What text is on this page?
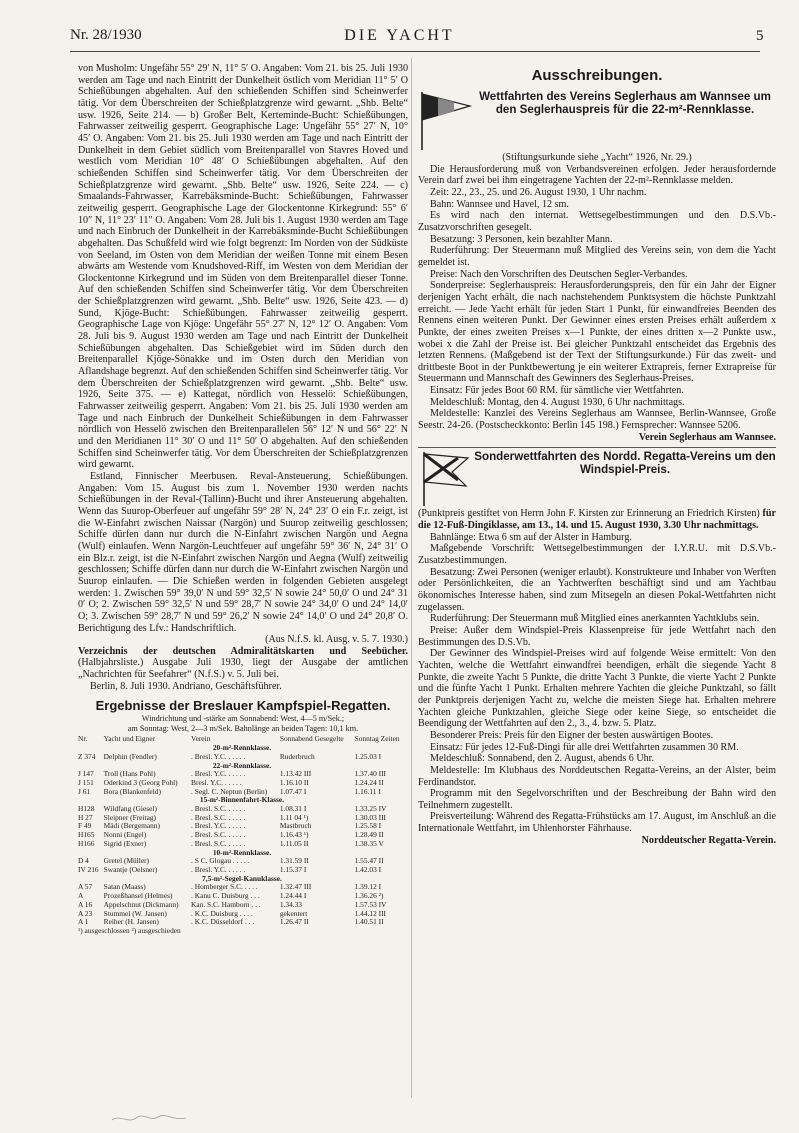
Nr. 28/1930	DIE YACHT	5

von Musholm: Ungefähr 55° 29′ N, 11° 5′ O. Angaben: Vom 21. bis 25. Juli 1930 werden am Tage und nach Eintritt der Dunkelheit östlich vom Meridian 11° 5′ O Schießübungen abgehalten. Auf den schießenden Schiffen sind Scheinwerfer tätig. Vor dem Überschreiten der Schießplatzgrenze wird gewarnt. „Shb. Belte“ usw. 1926, Seite 214. — b) Großer Belt, Kerteminde-Bucht: Schießübungen, Fahrwasser zeitweilig gesperrt. Geographische Lage: Ungefähr 55° 27′ N, 10° 45′ O. Angaben: Vom 21. bis 25. Juli 1930 werden am Tage und nach Eintritt der Dunkelheit in dem Gebiet südlich vom Breitenparallel von Stavres Hoved und westlich vom Meridian 10° 48′ O Schießübungen abgehalten. Auf den schießenden Schiffen sind Scheinwerfer tätig. Vor dem Überschreiten der Schießplatzgrenze wird gewarnt. „Shb. Belte“ usw. 1926, Seite 224. — c) Smaalands-Fahrwasser, Karrebäksminde-Bucht: Schießübungen, Fahrwasser zeitweilig gesperrt. Geographische Lage der Glockentonne Kirkegrund: 55° 6′ 10″ N, 11° 23′ 11″ O. Angaben: Vom 28. Juli bis 1. August 1930 werden am Tage und nach Einbruch der Dunkelheit in der Karrebäksminde-Bucht Schießübungen abgehalten. Das Schußfeld wird wie folgt begrenzt: Im Norden von der Südküste von Seeland, im Osten von dem Meridian der weißen Tonne mit einem Besen abwärts am Westende vom Knudshoved-Riff, im Westen von dem Meridian der Glockentonne Kirkegrund und im Süden von dem Breitenparallel dieser Tonne. Auf den schießenden Schiffen sind Scheinwerfer tätig. Vor dem Überschreiten der Schießplatzgrenzen wird gewarnt. „Shb. Belte“ usw. 1926, Seite 423. — d) Sund, Kjöge-Bucht: Schießübungen. Fahrwasser zeitweilig gesperrt. Geographische Lage von Kjöge: Ungefähr 55° 27′ N, 12° 12′ O. Angaben: Vom 28. Juli bis 9. August 1930 werden am Tage und nach Eintritt der Dunkelheit Schießübungen abgehalten. Das Schießgebiet wird im Süden durch den Breitenparallel Kjöge-Sönakke und im Osten durch den Meridian von Aflandshage begrenzt. Auf den schießenden Schiffen sind Scheinwerfer tätig. Vor dem Überschreiten der Schießplatzgrenzen wird gewarnt. „Shb. Belte“ usw. 1926, Seite 375. — e) Kattegat, nördlich von Hesselö: Schießübungen, Fahrwasser zeitweilig gesperrt. Angaben: Vom 21. bis 25. Juli 1930 werden am Tage und nach Einbruch der Dunkelheit Schießübungen in dem Fahrwasser nördlich von Hesselö zwischen den Breitenparallelen 56° 12′ N und 56° 22′ N und den Meridianen 11° 30′ O und 11° 50′ O abgehalten. Auf den schießenden Schiffen sind Scheinwerfer tätig. Vor dem Überschreiten der Schießplatzgrenzen wird gewarnt.

Estland, Finnischer Meerbusen. Reval-Ansteuerung, Schießübungen. Angaben: Vom 15. August bis zum 1. November 1930 werden nachts Schießübungen in der Reval-(Tallinn)-Bucht und ihrer Ansteuerung abgehalten. Wenn das Suurop-Oberfeuer auf ungefähr 59° 28′ N, 24° 23′ O ein F.r. zeigt, ist die W-Einfahrt zwischen Naissar (Nargön) und Suurop zeitweilig geschlossen; Schiffe dürfen dann nur durch die N-Einfahrt zwischen Nargön und Aegna (Wulf) einlaufen. Wenn Nargön-Leuchtfeuer auf ungefähr 59° 36′ N, 24° 31′ O ein Blz.r. zeigt, ist die N-Einfahrt zwischen Nargön und Aegna (Wulf) zeitweilig geschlossen; Schiffe dürfen dann nur durch die W-Einfahrt zwischen Nargön und Suurop einlaufen. — Die Schießen werden in folgenden Gebieten ausgelegt werden: 1. Zwischen 59° 39,0′ N und 59° 32,5′ N sowie 24° 50,0′ O und 24° 31 0′ O; 2. Zwischen 59° 32,5′ N und 59° 28,7′ N sowie 24° 34,0′ O und 24° 14,0′ O; 3. Zwischen 59° 28,7′ N und 59° 26,2′ N sowie 24° 14,0′ O und 24° 20,8′ O. Berichtigung des Lfv.: Handschriftlich.

(Aus N.f.S. kl. Ausg. v. 5. 7. 1930.)

Verzeichnis der deutschen Admiralitätskarten und Seebücher. (Halbjahrsliste.) Ausgabe Juli 1930, liegt der Ausgabe der amtlichen „Nachrichten für Seefahrer“ (N.f.S.) v. 5. Juli bei.

Berlin, 8. Juli 1930. Andriano, Geschäftsführer.

Ergebnisse der Breslauer Kampfspiel-Regatten.

Windrichtung und -stärke am Sonnabend: West, 4—5 m/Sek.;

am Sonntag: West, 2—3 m/Sek. Bahnlänge an beiden Tagen: 10,1 km.

Nr.	Yacht und Eigner	Verein	Sonnabend Gesegelte	Sonntag Zeiten
20-m²-Rennklasse.				
Z 374	Delphin (Fendler)	. Bresl. Y.C. . . . . .	Ruderbruch	1.25.03 I
22-m²-Rennklasse.				
J 147	Troll (Hans Pohl)	. Bresl. Y.C. . . . . .	1.13.42 III	1.37.40 III
J 151	Oderkind 3 (Georg Pohl)	Bresl. Y.C. . . . . .	1.16.10 II	1.24.24 II
J 61	Bora (Blankenfeld)	. Segl. C. Neptun (Berlin)	1.07.47 I	1.16.11 I
15-m²-Binnenfahrt-Klasse.				
H128	Wildfang (Giesel)	. Bresl. S.C. . . . . .	1.08.31 I	1.33.25 IV
H 27	Sleipner (Freitag)	. Bresl. S.C. . . . . .	1.11 04 ¹)	1.30.03 III
F 49	Mädi (Bergemann)	. Bresl. Y.C. . . . . .	Mastbruch	1.25.58 I
H165	Nonni (Engel)	. Bresl. S.C. . . . . .	1.16.43 ¹)	1.28.49 II
H166	Sigrid (Exner)	. Bresl. S.C. . . . . .	1.11.05 II	1.38.35 V
10-m²-Rennklasse.				
D 4	Gretel (Müller)	. S C. Glogau . . . . .	1.31.59 II	1.55.47 II
IV 216	Swantje (Oelsner)	. Bresl. Y.C. . . . . .	1.15.37 I	1.42.03 I
7,5-m²-Segel-Kanuklasse.				
A 57	Satan (Maass)	. Homberger S.C. . . . .	1.32.47 III	1.39.12 I
A	Prozeßhansel (Helmes)	. Kanu C. Duisburg . . .	1.24.44 I	1.36.26 ²)
A 16	Appelschnut (Dickmann)	Kan. S.C. Hamborn . . .	1.34.33	1.57.53 IV
A 23	Stummel (W. Jansen)	. K.C. Duisburg . . . .	gekentert	1.44.12 III
A 1	Reiher (H. Jansen)	. K.C. Düsseldorf . . .	1.26.47 II	1.40.51 II

¹) ausgeschlossen ²) ausgeschieden

Ausschreibungen.
Wettfahrten des Vereins Seglerhaus am Wannsee um den Seglerhauspreis für die 22-m²-Rennklasse.

(Stiftungsurkunde siehe „Yacht“ 1926, Nr. 29.)

Die Herausforderung muß von Verbandsvereinen erfolgen. Jeder herausfordernde Verein darf zwei bei ihm eingetragene Yachten der 22-m²-Rennklasse melden.

Zeit: 22., 23., 25. und 26. August 1930, 1 Uhr nachm.

Bahn: Wannsee und Havel, 12 sm.

Es wird nach den internat. Wettsegelbestimmungen und den D.S.Vb.-Zusatzvorschriften gesegelt.

Besatzung: 3 Personen, kein bezahlter Mann.

Ruderführung: Der Steuermann muß Mitglied des Vereins sein, von dem die Yacht gemeldet ist.

Preise: Nach den Vorschriften des Deutschen Segler-Verbandes.

Sonderpreise: Seglerhauspreis: Herausforderungspreis, den für ein Jahr der Eigner derjenigen Yacht erhält, die nach nachstehendem Punktsystem die höchste Punktzahl erreicht. — Jede Yacht erhält für jeden Start 1 Punkt, für einwandfreies Beenden des Rennens einen weiteren Punkt. Der Gewinner eines ersten Preises erhält außerdem x Punkte, der eines zweiten Preises x—1 Punkte, der eines dritten x—2 Punkte usw., wobei x die Zahl der Preise ist. Bei gleicher Punktzahl entscheidet das Ergebnis des letzten Rennens. (Maßgebend ist der Text der Stiftungsurkunde.) Für das zweit- und drittbeste Boot in der Punktbewertung je ein weiterer Extrapreis, ferner Extrapreise für Steuermann und Mannschaft des Gewinners des Seglerhaus-Preises.

Einsatz: Für jedes Boot 60 RM. für sämtliche vier Wettfahrten.

Meldeschluß: Montag, den 4. August 1930, 6 Uhr nachmittags.

Meldestelle: Kanzlei des Vereins Seglerhaus am Wannsee, Berlin-Wannsee, Große Seestr. 24-26. (Postscheckkonto: Berlin 145 198.) Fernsprecher: Wannsee 5206.

Verein Seglerhaus am Wannsee.

Sonderwettfahrten des Nordd. Regatta-Vereins um den Windspiel-Preis.

(Punktpreis gestiftet von Herrn John F. Kirsten zur Erinnerung an Friedrich Kirsten) für die 12-Fuß-Dingiklasse, am 13., 14. und 15. August 1930, 3.30 Uhr nachmittags.

Bahnlänge: Etwa 6 sm auf der Alster in Hamburg.

Maßgebende Vorschrift: Wettsegelbestimmungen der I.Y.R.U. mit D.S.Vb.-Zusatzbestimmungen.

Besatzung: Zwei Personen (weniger erlaubt). Konstrukteure und Inhaber von Werften oder Persönlichkeiten, die an Yachtwerften beschäftigt sind und am Yachtbau ökonomisches Interesse haben, sind zum Mitsegeln an diesen Pokal-Wettfahrten nicht zugelassen.

Ruderführung: Der Steuermann muß Mitglied eines anerkannten Yachtklubs sein.

Preise: Außer dem Windspiel-Preis Klassenpreise für jede Wettfahrt nach den Bestimmungen des D.S.Vb.

Der Gewinner des Windspiel-Preises wird auf folgende Weise ermittelt: Von den Yachten, welche die Wettfahrt einwandfrei beendigen, erhält die siegende Yacht 8 Punkte, die zweite Yacht 5 Punkte, die dritte Yacht 3 Punkte, die vierte Yacht 2 Punkte und die fünfte Yacht 1 Punkt. Erhalten mehrere Yachten die gleiche Punktzahl, so fällt der Punktpreis derjenigen Yacht zu, welche die meisten Siege hat. Erhalten mehrere Yachten gleiche Punktzahlen, gleiche Siege oder keine Siege, so entscheidet die Beendigung der Wettfahrten auf den 2., 3., 4. bzw. 5. Platz.

Besonderer Preis: Preis für den Eigner der besten auswärtigen Bootes.

Einsatz: Für jedes 12-Fuß-Dingi für alle drei Wettfahrten zusammen 30 RM.

Meldeschluß: Sonnabend, den 2. August, abends 6 Uhr.

Meldestelle: Im Klubhaus des Norddeutschen Regatta-Vereins, an der Alster, beim Ferdinandstor.

Programm mit den Segelvorschriften und der Beschreibung der Bahn wird den Teilnehmern zugestellt.

Preisverteilung: Während des Regatta-Frühstücks am 17. August, im Anschluß an die Internationale Wettfahrt, im Uhlenhorster Fährhause.

Norddeutscher Regatta-Verein.
